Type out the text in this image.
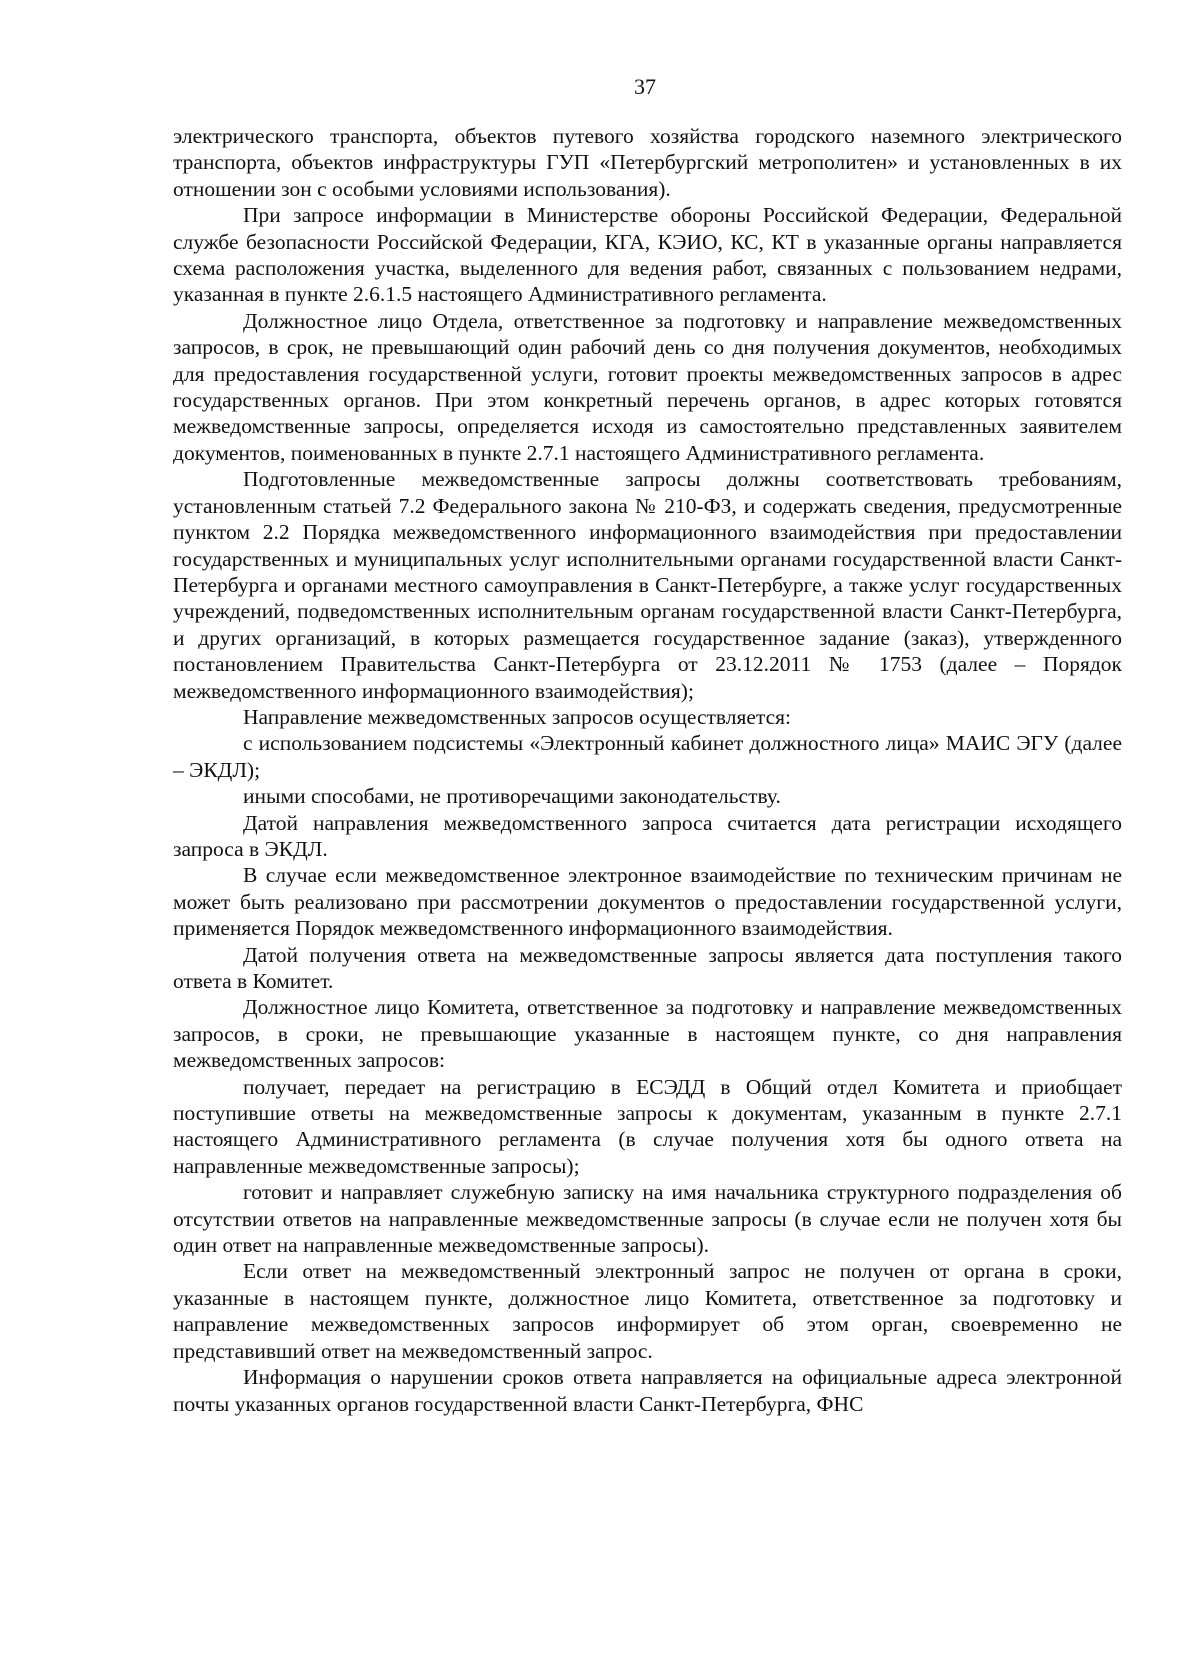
37

электрического транспорта, объектов путевого хозяйства городского наземного электрического транспорта, объектов инфраструктуры ГУП «Петербургский метрополитен» и установленных в их отношении зон с особыми условиями использования).

При запросе информации в Министерстве обороны Российской Федерации, Федеральной службе безопасности Российской Федерации, КГА, КЭИО, КС, КТ в указанные органы направляется схема расположения участка, выделенного для ведения работ, связанных с пользованием недрами, указанная в пункте 2.6.1.5 настоящего Административного регламента.

Должностное лицо Отдела, ответственное за подготовку и направление межведомственных запросов, в срок, не превышающий один рабочий день со дня получения документов, необходимых для предоставления государственной услуги, готовит проекты межведомственных запросов в адрес государственных органов. При этом конкретный перечень органов, в адрес которых готовятся межведомственные запросы, определяется исходя из самостоятельно представленных заявителем документов, поименованных в пункте 2.7.1 настоящего Административного регламента.

Подготовленные межведомственные запросы должны соответствовать требованиям, установленным статьей 7.2 Федерального закона № 210-ФЗ, и содержать сведения, предусмотренные пунктом 2.2 Порядка межведомственного информационного взаимодействия при предоставлении государственных и муниципальных услуг исполнительными органами государственной власти Санкт-Петербурга и органами местного самоуправления в Санкт-Петербурге, а также услуг государственных учреждений, подведомственных исполнительным органам государственной власти Санкт-Петербурга, и других организаций, в которых размещается государственное задание (заказ), утвержденного постановлением Правительства Санкт-Петербурга от 23.12.2011 № 1753 (далее – Порядок межведомственного информационного взаимодействия);

Направление межведомственных запросов осуществляется:

с использованием подсистемы «Электронный кабинет должностного лица» МАИС ЭГУ (далее – ЭКДЛ);

иными способами, не противоречащими законодательству.

Датой направления межведомственного запроса считается дата регистрации исходящего запроса в ЭКДЛ.

В случае если межведомственное электронное взаимодействие по техническим причинам не может быть реализовано при рассмотрении документов о предоставлении государственной услуги, применяется Порядок межведомственного информационного взаимодействия.

Датой получения ответа на межведомственные запросы является дата поступления такого ответа в Комитет.

Должностное лицо Комитета, ответственное за подготовку и направление межведомственных запросов, в сроки, не превышающие указанные в настоящем пункте, со дня направления межведомственных запросов:

получает, передает на регистрацию в ЕСЭДД в Общий отдел Комитета и приобщает поступившие ответы на межведомственные запросы к документам, указанным в пункте 2.7.1 настоящего Административного регламента (в случае получения хотя бы одного ответа на направленные межведомственные запросы);

готовит и направляет служебную записку на имя начальника структурного подразделения об отсутствии ответов на направленные межведомственные запросы (в случае если не получен хотя бы один ответ на направленные межведомственные запросы).

Если ответ на межведомственный электронный запрос не получен от органа в сроки, указанные в настоящем пункте, должностное лицо Комитета, ответственное за подготовку и направление межведомственных запросов информирует об этом орган, своевременно не представивший ответ на межведомственный запрос.

Информация о нарушении сроков ответа направляется на официальные адреса электронной почты указанных органов государственной власти Санкт-Петербурга, ФНС
